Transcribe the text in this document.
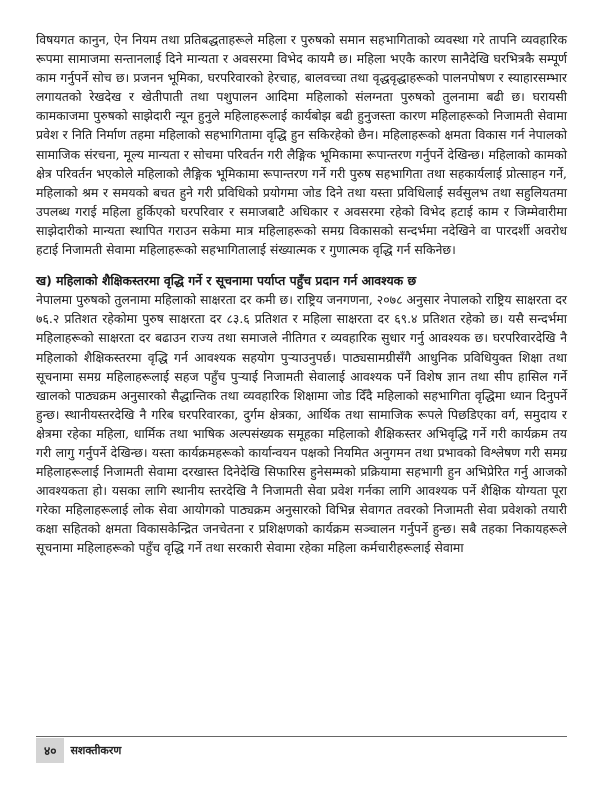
विषयगत कानुन, ऐन नियम तथा प्रतिबद्धताहरूले महिला र पुरुषको समान सहभागिताको व्यवस्था गरे तापनि व्यवहारिक रूपमा सामाजमा सन्तानलाई दिने मान्यता र अवसरमा विभेद कायमै छ। महिला भएकै कारण सानैदेखि घरभित्रकै सम्पूर्ण काम गर्नुपर्ने सोच छ। प्रजनन भूमिका, घरपरिवारको हेरचाह, बालवच्चा तथा वृद्धवृद्धाहरूको पालनपोषण र स्याहारसम्भार लगायतको रेखदेख र खेतीपाती तथा पशुपालन आदिमा महिलाको संलग्नता पुरुषको तुलनामा बढी छ। घरायसी कामकाजमा पुरुषको साझेदारी न्यून हुनुले महिलाहरूलाई कार्यबोझ बढी हुनुजस्ता कारण महिलाहरूको निजामती सेवामा प्रवेश र निति निर्माण तहमा महिलाको सहभागितामा वृद्धि हुन सकिरहेको छैन। महिलाहरूको क्षमता विकास गर्न नेपालको सामाजिक संरचना, मूल्य मान्यता र सोचमा परिवर्तन गरी लैङ्गिक भूमिकामा रूपान्तरण गर्नुपर्ने देखिन्छ। महिलाको कामको क्षेत्र परिवर्तन भएकोले महिलाको लैङ्गिक भूमिकामा रूपान्तरण गर्ने गरी पुरुष सहभागिता तथा सहकार्यलाई प्रोत्साहन गर्ने, महिलाको श्रम र समयको बचत हुने गरी प्रविधिको प्रयोगमा जोड दिने तथा यस्ता प्रविधिलाई सर्वसुलभ तथा सहुलियतमा उपलब्ध गराई महिला हुर्किएको घरपरिवार र समाजबाटै अधिकार र अवसरमा रहेको विभेद हटाई काम र जिम्मेवारीमा साझेदारीको मान्यता स्थापित गराउन सकेमा मात्र महिलाहरूको समग्र विकासको सन्दर्भमा नदेखिने वा पारदर्शी अवरोध हटाई निजामती सेवामा महिलाहरूको सहभागितालाई संख्यात्मक र गुणात्मक वृद्धि गर्न सकिनेछ।

ख) महिलाको शैक्षिकस्तरमा वृद्धि गर्ने र सूचनामा पर्याप्त पहुँच प्रदान गर्न आवश्यक छ

नेपालमा पुरुषको तुलनामा महिलाको साक्षरता दर कमी छ। राष्ट्रिय जनगणना, २०७८ अनुसार नेपालको राष्ट्रिय साक्षरता दर ७६.२ प्रतिशत रहेकोमा पुरुष साक्षरता दर ८३.६ प्रतिशत र महिला साक्षरता दर ६९.४ प्रतिशत रहेको छ। यसै सन्दर्भमा महिलाहरूको साक्षरता दर बढाउन राज्य तथा समाजले नीतिगत र व्यवहारिक सुधार गर्नु आवश्यक छ। घरपरिवारदेखि नै महिलाको शैक्षिकस्तरमा वृद्धि गर्न आवश्यक सहयोग पुऱ्याउनुपर्छ। पाठ्यसामग्रीसँगै आधुनिक प्रविधियुक्त शिक्षा तथा सूचनामा समग्र महिलाहरूलाई सहज पहुँच पुऱ्याई निजामती सेवालाई आवश्यक पर्ने विशेष ज्ञान तथा सीप हासिल गर्ने खालको पाठ्यक्रम अनुसारको सैद्धान्तिक तथा व्यवहारिक शिक्षामा जोड दिँदै महिलाको सहभागिता वृद्धिमा ध्यान दिनुपर्ने हुन्छ। स्थानीयस्तरदेखि नै गरिब घरपरिवारका, दुर्गम क्षेत्रका, आर्थिक तथा सामाजिक रूपले पिछडिएका वर्ग, समुदाय र क्षेत्रमा रहेका महिला, धार्मिक तथा भाषिक अल्पसंख्यक समूहका महिलाको शैक्षिकस्तर अभिवृद्धि गर्ने गरी कार्यक्रम तय गरी लागु गर्नुपर्ने देखिन्छ। यस्ता कार्यक्रमहरूको कार्यान्वयन पक्षको नियमित अनुगमन तथा प्रभावको विश्लेषण गरी समग्र महिलाहरूलाई निजामती सेवामा दरखास्त दिनेदेखि सिफारिस हुनेसम्मको प्रक्रियामा सहभागी हुन अभिप्रेरित गर्नु आजको आवश्यकता हो। यसका लागि स्थानीय स्तरदेखि नै निजामती सेवा प्रवेश गर्नका लागि आवश्यक पर्ने शैक्षिक योग्यता पूरा गरेका महिलाहरूलाई लोक सेवा आयोगको पाठ्यक्रम अनुसारको विभिन्न सेवागत तवरको निजामती सेवा प्रवेशको तयारी कक्षा सहितको क्षमता विकासकेन्द्रित जनचेतना र प्रशिक्षणको कार्यक्रम सञ्चालन गर्नुपर्ने हुन्छ। सबै तहका निकायहरूले सूचनामा महिलाहरूको पहुँच वृद्धि गर्ने तथा सरकारी सेवामा रहेका महिला कर्मचारीहरूलाई सेवामा

४०	सशक्तीकरण
